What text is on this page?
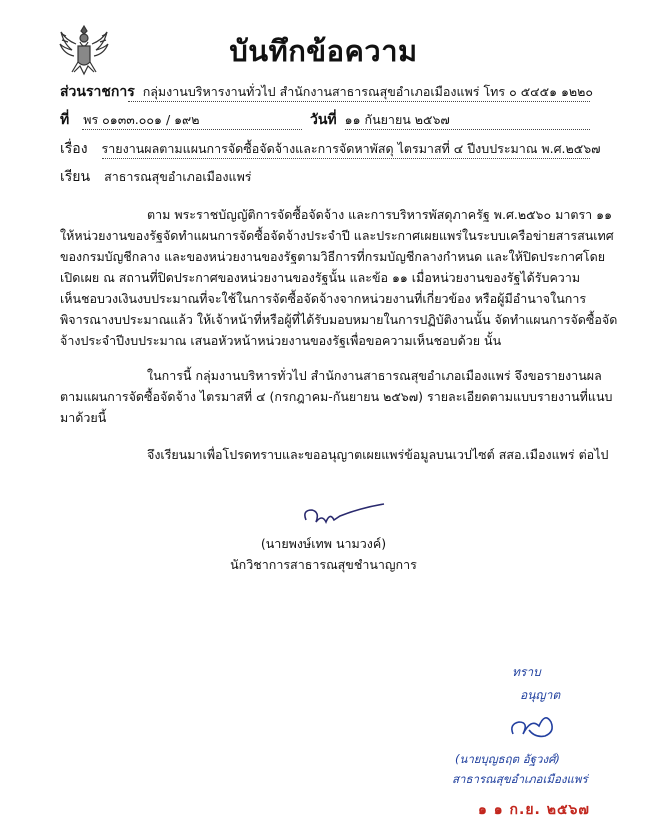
บันทึกข้อความ
ส่วนราชการ กลุ่มงานบริหารงานทั่วไป สำนักงานสาธารณสุขอำเภอเมืองแพร่ โทร ๐ ๕๔๕๑ ๑๒๒๐
ที่ พร ๐๑๓๓.๐๐๑ / ๑๙๒	วันที่ ๑๑ กันยายน ๒๕๖๗
เรื่อง รายงานผลตามแผนการจัดซื้อจัดจ้างและการจัดหาพัสดุ ไตรมาสที่ ๔ ปีงบประมาณ พ.ศ.๒๕๖๗
เรียน สาธารณสุขอำเภอเมืองแพร่
ตาม พระราชบัญญัติการจัดซื้อจัดจ้าง และการบริหารพัสดุภาครัฐ พ.ศ.๒๕๖๐ มาตรา ๑๑
ให้หน่วยงานของรัฐจัดทำแผนการจัดซื้อจัดจ้างประจำปี และประกาศเผยแพร่ในระบบเครือข่ายสารสนเทศ
ของกรมบัญชีกลาง และของหน่วยงานของรัฐตามวิธีการที่กรมบัญชีกลางกำหนด และให้ปิดประกาศโดย
เปิดเผย ณ สถานที่ปิดประกาศของหน่วยงานของรัฐนั้น และข้อ ๑๑ เมื่อหน่วยงานของรัฐได้รับความ
เห็นชอบวงเงินงบประมาณที่จะใช้ในการจัดซื้อจัดจ้างจากหน่วยงานที่เกี่ยวข้อง หรือผู้มีอำนาจในการ
พิจารณางบประมาณแล้ว ให้เจ้าหน้าที่หรือผู้ที่ได้รับมอบหมายในการปฏิบัติงานนั้น จัดทำแผนการจัดซื้อจัด
จ้างประจำปีงบประมาณ เสนอหัวหน้าหน่วยงานของรัฐเพื่อขอความเห็นชอบด้วย นั้น
ในการนี้ กลุ่มงานบริหารทั่วไป สำนักงานสาธารณสุขอำเภอเมืองแพร่ จึงขอรายงานผล
ตามแผนการจัดซื้อจัดจ้าง ไตรมาสที่ ๔ (กรกฎาคม-กันยายน ๒๕๖๗) รายละเอียดตามแบบรายงานที่แนบ
มาด้วยนี้
จึงเรียนมาเพื่อโปรดทราบและขออนุญาตเผยแพร่ข้อมูลบนเวปไซต์ สสอ.เมืองแพร่ ต่อไป
(นายพงษ์เทพ นามวงค์)
นักวิชาการสาธารณสุขชำนาญการ
ทราบ
อนุญาต
(นายบุญธฤต อัฐวงศ์)
สาธารณสุขอำเภอเมืองแพร่
๑ ๑ ก.ย. ๒๕๖๗
